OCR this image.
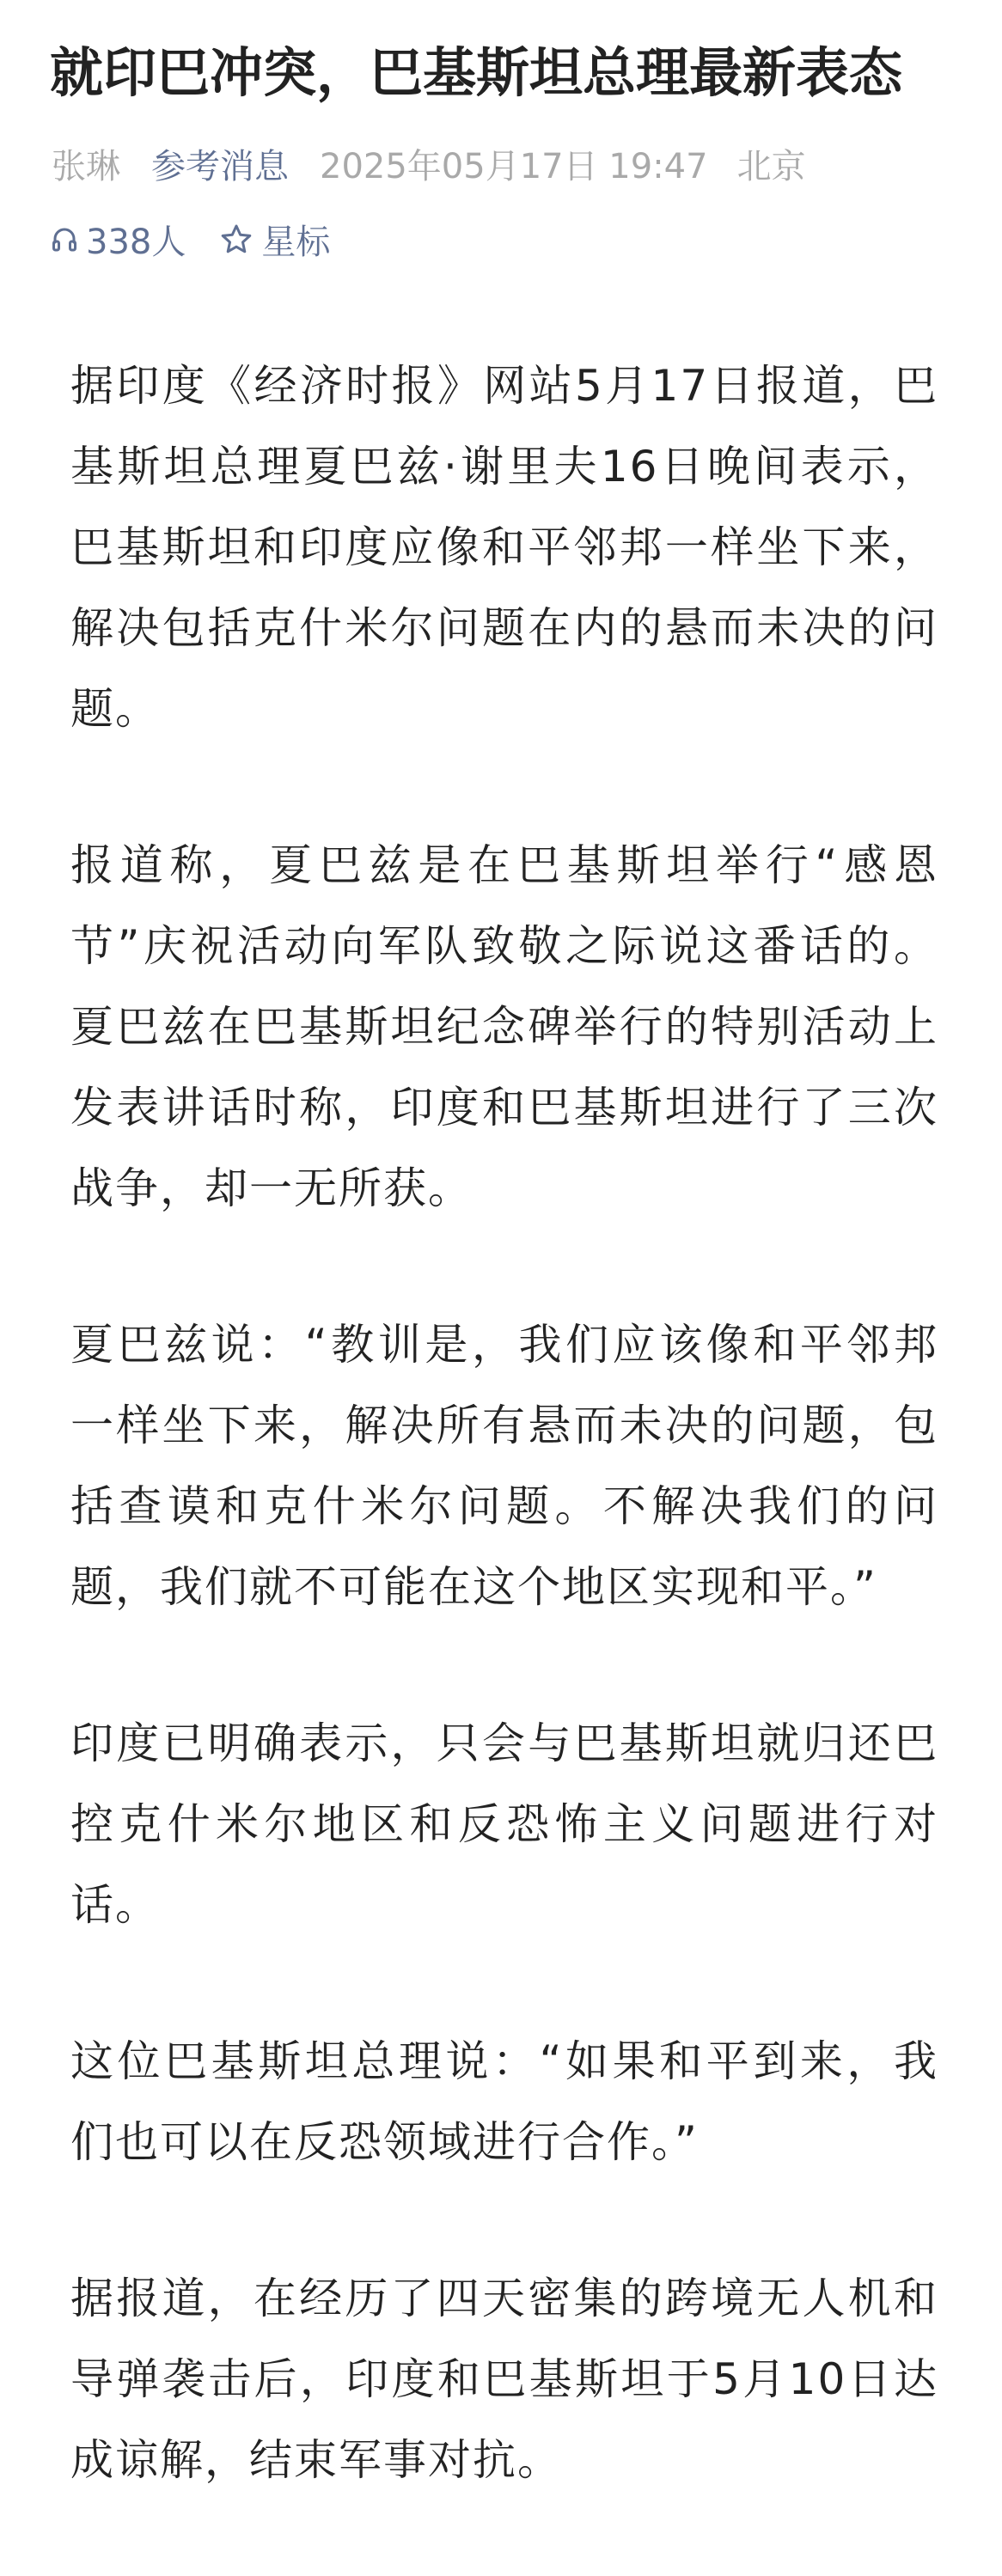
就印巴冲突，巴基斯坦总理最新表态
张琳 参考消息 2025年05月17日 19:47 北京
338人 星标

据印度《经济时报》网站5月17日报道，巴基斯坦总理夏巴兹·谢里夫16日晚间表示，巴基斯坦和印度应像和平邻邦一样坐下来，解决包括克什米尔问题在内的悬而未决的问题。

报道称，夏巴兹是在巴基斯坦举行“感恩节”庆祝活动向军队致敬之际说这番话的。夏巴兹在巴基斯坦纪念碑举行的特别活动上发表讲话时称，印度和巴基斯坦进行了三次战争，却一无所获。

夏巴兹说：“教训是，我们应该像和平邻邦一样坐下来，解决所有悬而未决的问题，包括查谟和克什米尔问题。不解决我们的问题，我们就不可能在这个地区实现和平。”

印度已明确表示，只会与巴基斯坦就归还巴控克什米尔地区和反恐怖主义问题进行对话。

这位巴基斯坦总理说：“如果和平到来，我们也可以在反恐领域进行合作。”

据报道，在经历了四天密集的跨境无人机和导弹袭击后，印度和巴基斯坦于5月10日达成谅解，结束军事对抗。
